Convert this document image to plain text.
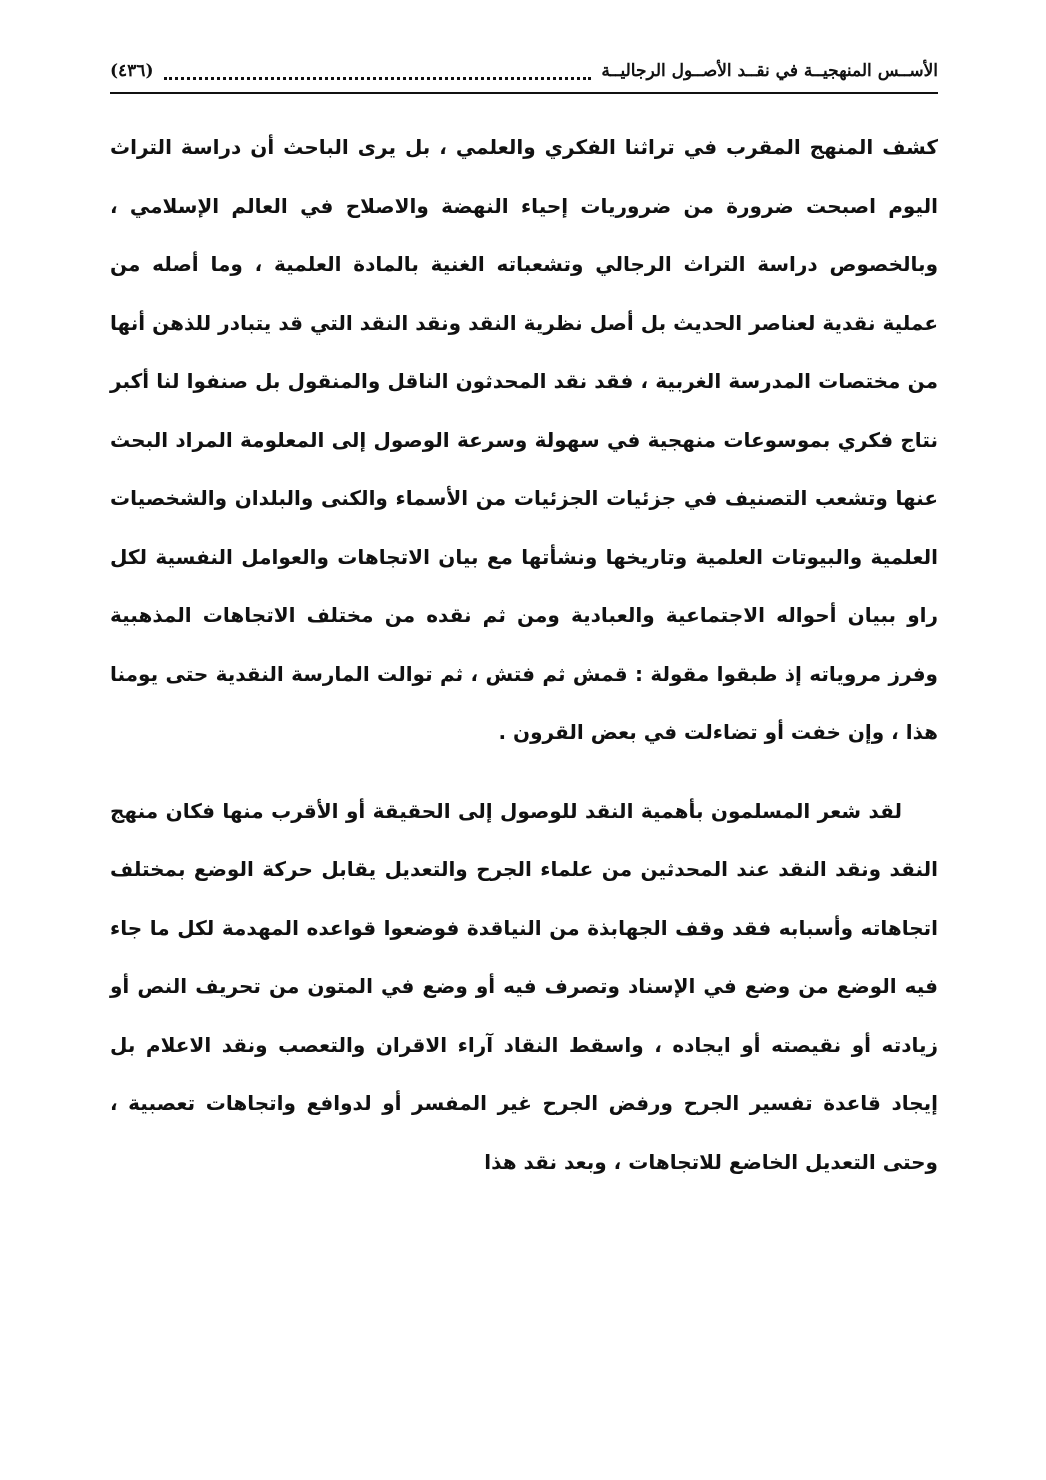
الأســس المنهجيــة في نقــد الأصــول الرجاليــة
(٤٣٦)

كشف المنهج المقرب في تراثنا الفكري والعلمي ، بل يرى الباحث أن دراسة التراث اليوم اصبحت ضرورة من ضروريات إحياء النهضة والاصلاح في العالم الإسلامي ، وبالخصوص دراسة التراث الرجالي وتشعباته الغنية بالمادة العلمية ، وما أصله من عملية نقدية لعناصر الحديث بل أصل نظرية النقد ونقد النقد التي قد يتبادر للذهن أنها من مختصات المدرسة الغربية ، فقد نقد المحدثون الناقل والمنقول بل صنفوا لنا أكبر نتاج فكري بموسوعات منهجية في سهولة وسرعة الوصول إلى المعلومة المراد البحث عنها وتشعب التصنيف في جزئيات الجزئيات من الأسماء والكنى والبلدان والشخصيات العلمية والبيوتات العلمية وتاريخها ونشأتها مع بيان الاتجاهات والعوامل النفسية لكل راو ببيان أحواله الاجتماعية والعبادية ومن ثم نقده من مختلف الاتجاهات المذهبية وفرز مروياته إذ طبقوا مقولة : قمش ثم فتش ، ثم توالت المارسة النقدية حتى يومنا هذا ، وإن خفت أو تضاءلت في بعض القرون .

لقد شعر المسلمون بأهمية النقد للوصول إلى الحقيقة أو الأقرب منها فكان منهج النقد ونقد النقد عند المحدثين من علماء الجرح والتعديل يقابل حركة الوضع بمختلف اتجاهاته وأسبابه فقد وقف الجهابذة من النياقدة فوضعوا قواعده المهدمة لكل ما جاء فيه الوضع من وضع في الإسناد وتصرف فيه أو وضع في المتون من تحريف النص أو زيادته أو نقيصته أو ايجاده ، واسقط النقاد آراء الاقران والتعصب ونقد الاعلام بل إيجاد قاعدة تفسير الجرح ورفض الجرح غير المفسر أو لدوافع واتجاهات تعصبية ، وحتى التعديل الخاضع للاتجاهات ، وبعد نقد هذا
